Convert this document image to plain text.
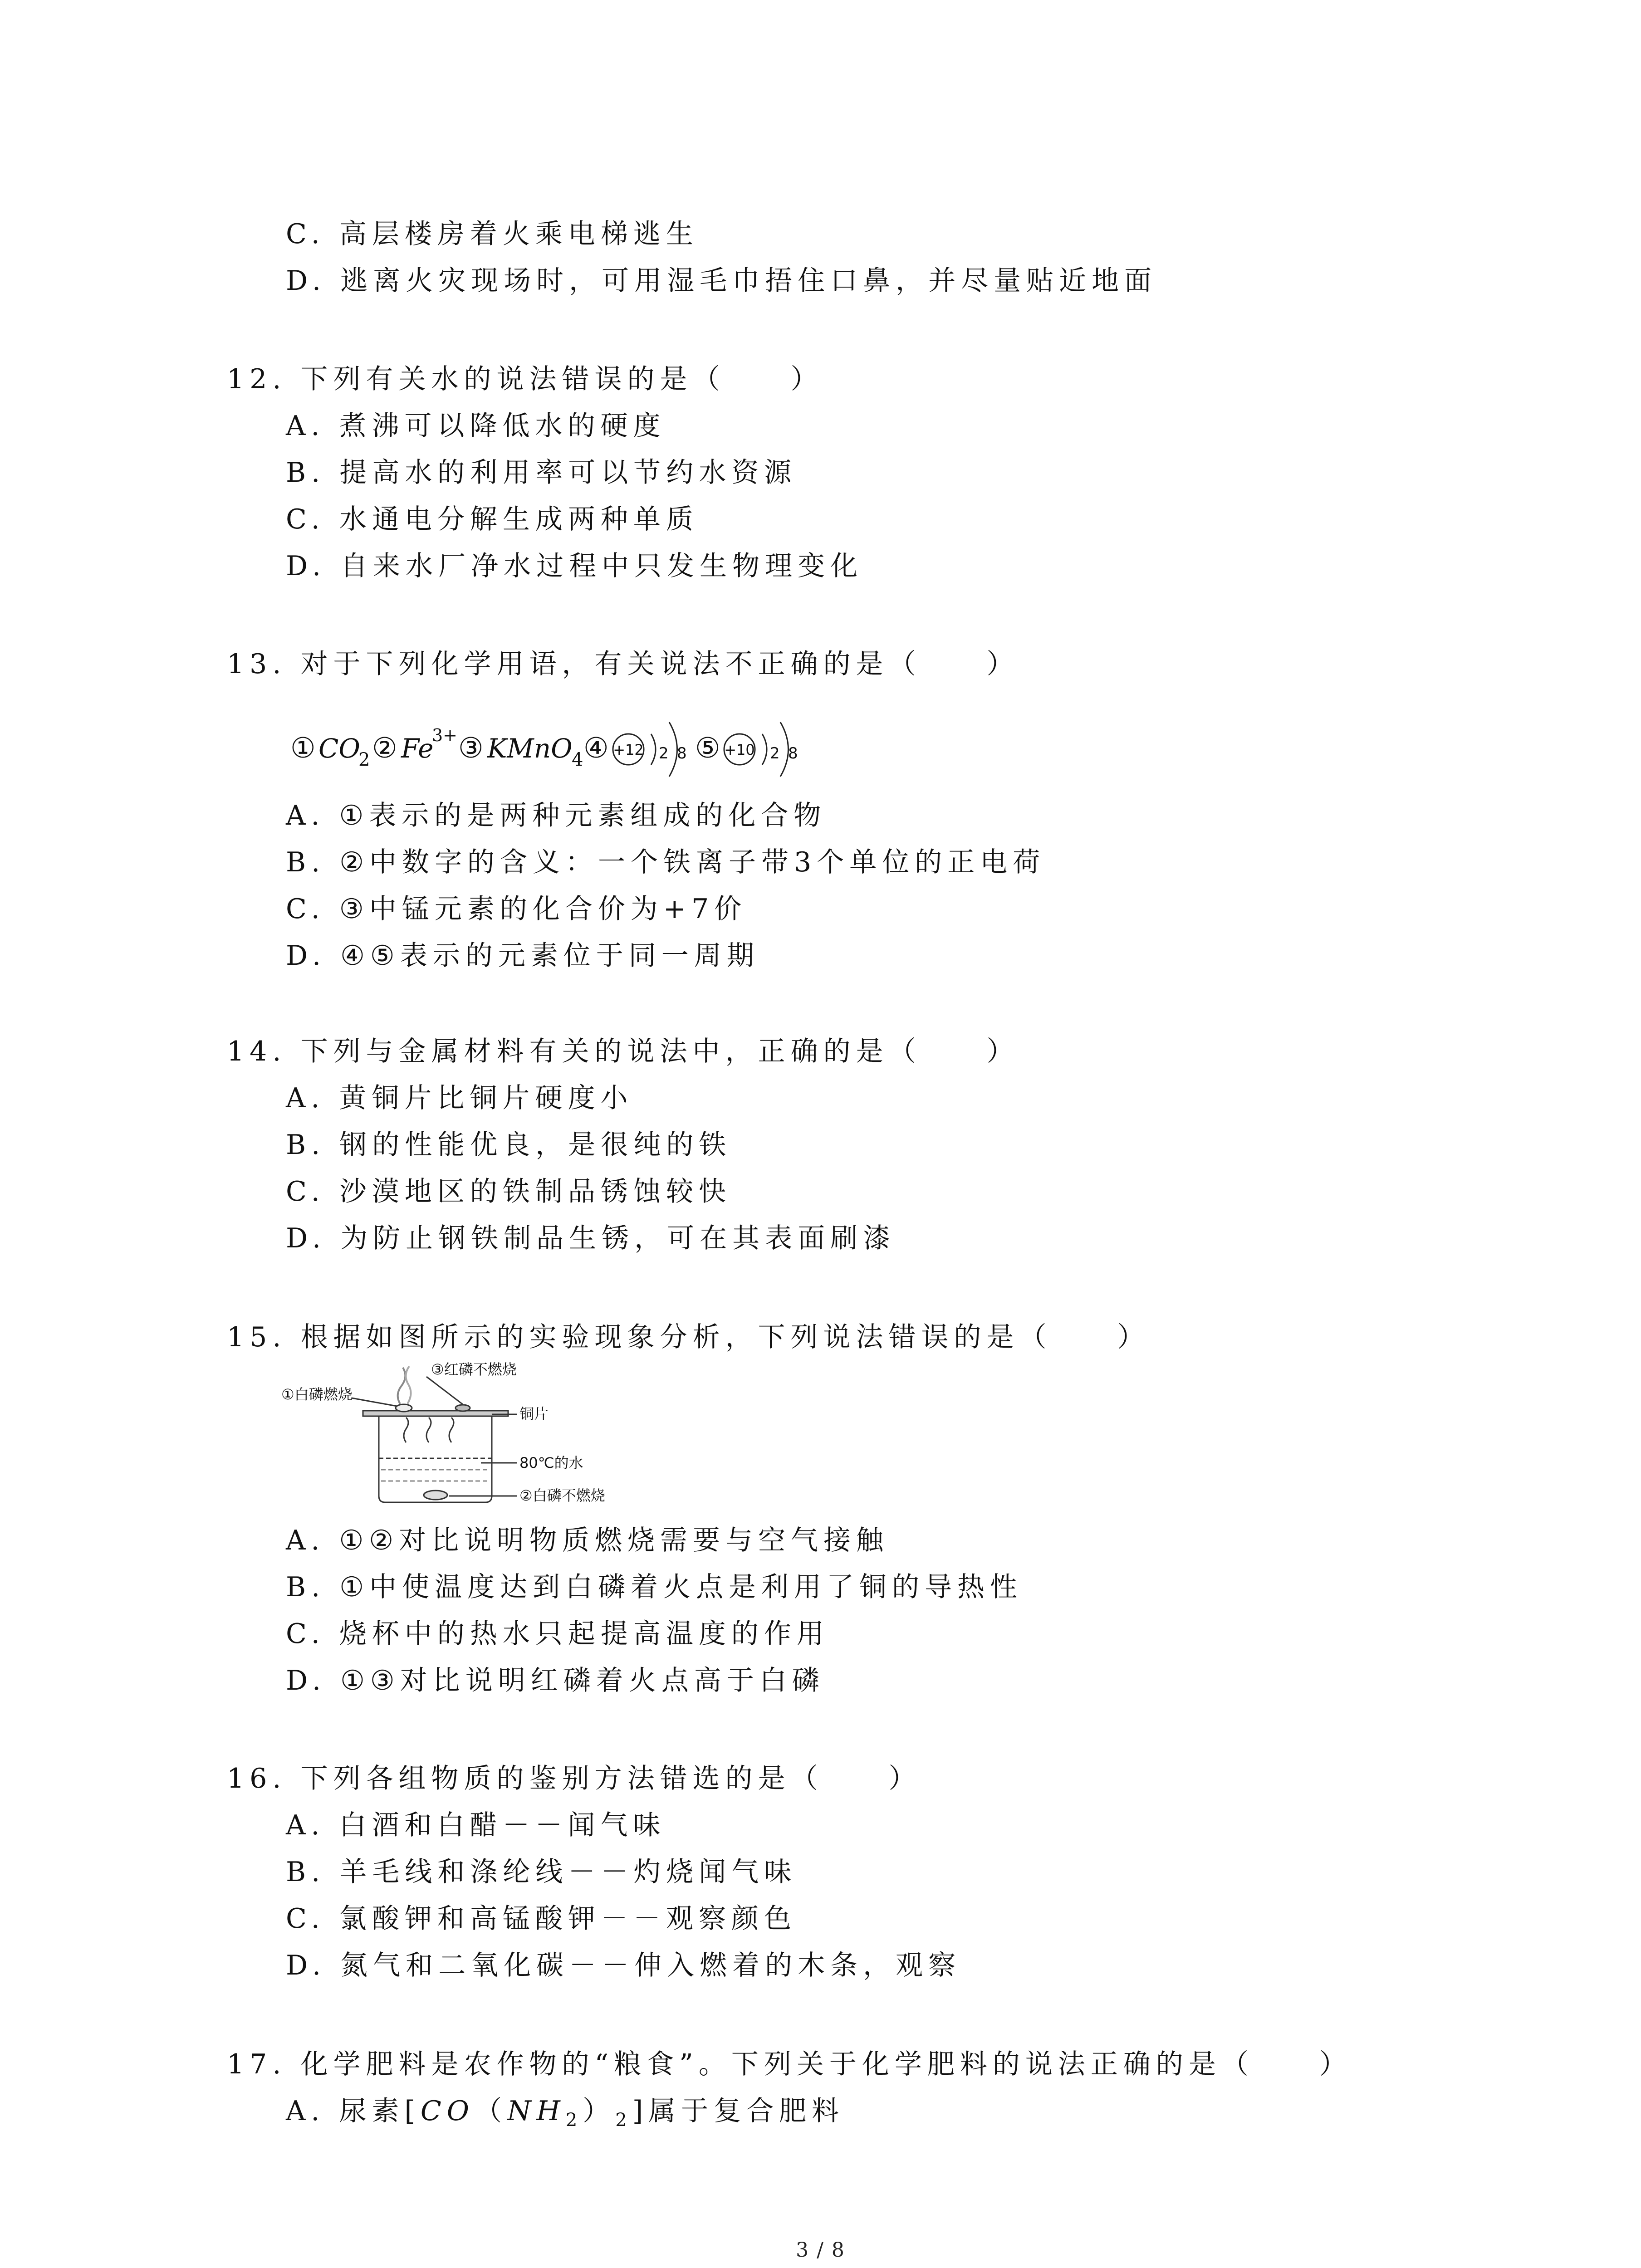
C. 高层楼房着火乘电梯逃生
D. 逃离火灾现场时，可用湿毛巾捂住口鼻，并尽量贴近地面
12. 下列有关水的说法错误的是（　　）
A. 煮沸可以降低水的硬度
B. 提高水的利用率可以节约水资源
C. 水通电分解生成两种单质
D. 自来水厂净水过程中只发生物理变化
13. 对于下列化学用语，有关说法不正确的是（　　）
① CO
2 ② Fe
3+ ③ KMnO
4 ④ +12 2 8 ⑤ +10 2 8
A. ①表示的是两种元素组成的化合物
B. ②中数字的含义：一个铁离子带3个单位的正电荷
C. ③中锰元素的化合价为+7价
D. ④⑤表示的元素位于同一周期
14. 下列与金属材料有关的说法中，正确的是（　　）
A. 黄铜片比铜片硬度小
B. 钢的性能优良，是很纯的铁
C. 沙漠地区的铁制品锈蚀较快
D. 为防止钢铁制品生锈，可在其表面刷漆
15. 根据如图所示的实验现象分析，下列说法错误的是（　　）
③红磷不燃烧
①白磷燃烧
铜片
80℃的水
②白磷不燃烧
A. ①②对比说明物质燃烧需要与空气接触
B. ①中使温度达到白磷着火点是利用了铜的导热性
C. 烧杯中的热水只起提高温度的作用
D. ①③对比说明红磷着火点高于白磷
16. 下列各组物质的鉴别方法错选的是（　　）
A. 白酒和白醋－－闻气味
B. 羊毛线和涤纶线－－灼烧闻气味
C. 氯酸钾和高锰酸钾－－观察颜色
D. 氮气和二氧化碳－－伸入燃着的木条，观察
17. 化学肥料是农作物的“粮食”。下列关于化学肥料的说法正确的是（　　）
A. 尿素$[CO(NH_2)_2]$属于复合肥料
3 / 8
